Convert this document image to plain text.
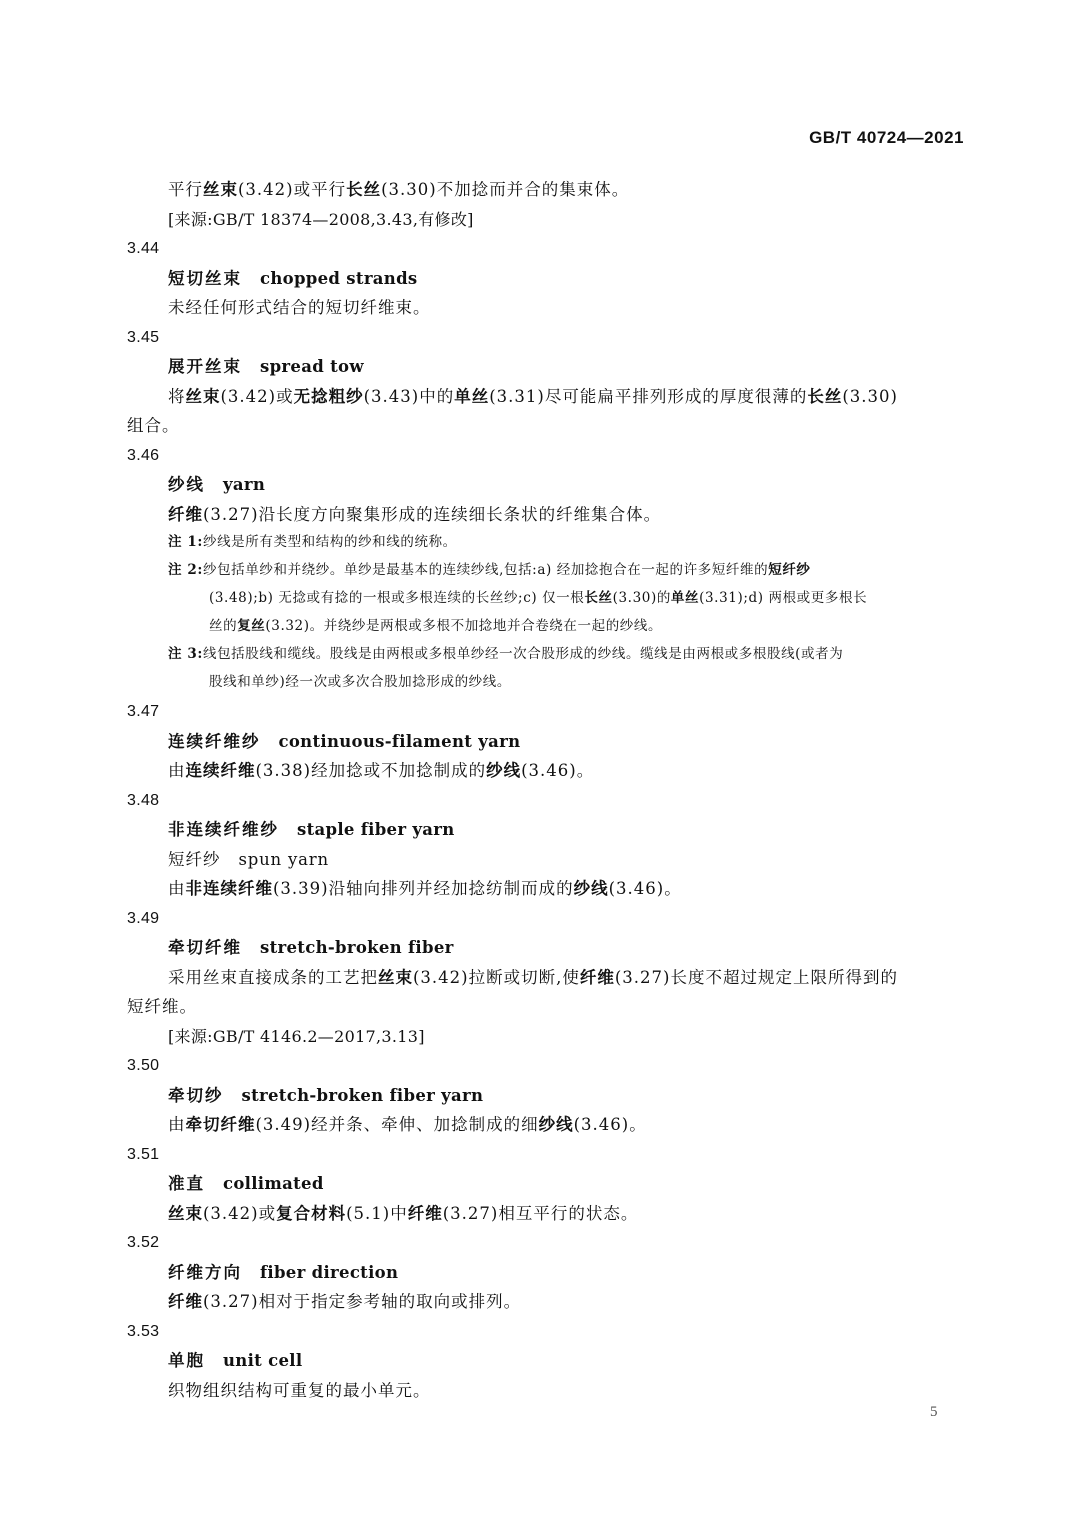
GB/T 40724—2021
平行丝束(3.42)或平行长丝(3.30)不加捻而并合的集束体。
[来源:GB/T 18374—2008,3.43,有修改]
3.44
短切丝束 chopped strands
未经任何形式结合的短切纤维束。
3.45
展开丝束 spread tow
将丝束(3.42)或无捻粗纱(3.43)中的单丝(3.31)尽可能扁平排列形成的厚度很薄的长丝(3.30)
组合。
3.46
纱线 yarn
纤维(3.27)沿长度方向聚集形成的连续细长条状的纤维集合体。
注 1:纱线是所有类型和结构的纱和线的统称。
注 2:纱包括单纱和并绕纱。单纱是最基本的连续纱线,包括:a) 经加捻抱合在一起的许多短纤维的短纤纱
(3.48);b) 无捻或有捻的一根或多根连续的长丝纱;c) 仅一根长丝(3.30)的单丝(3.31);d) 两根或更多根长
丝的复丝(3.32)。并绕纱是两根或多根不加捻地并合卷绕在一起的纱线。
注 3:线包括股线和缆线。股线是由两根或多根单纱经一次合股形成的纱线。缆线是由两根或多根股线(或者为
股线和单纱)经一次或多次合股加捻形成的纱线。
3.47
连续纤维纱 continuous-filament yarn
由连续纤维(3.38)经加捻或不加捻制成的纱线(3.46)。
3.48
非连续纤维纱 staple fiber yarn
短纤纱 spun yarn
由非连续纤维(3.39)沿轴向排列并经加捻纺制而成的纱线(3.46)。
3.49
牵切纤维 stretch-broken fiber
采用丝束直接成条的工艺把丝束(3.42)拉断或切断,使纤维(3.27)长度不超过规定上限所得到的
短纤维。
[来源:GB/T 4146.2—2017,3.13]
3.50
牵切纱 stretch-broken fiber yarn
由牵切纤维(3.49)经并条、牵伸、加捻制成的细纱线(3.46)。
3.51
准直 collimated
丝束(3.42)或复合材料(5.1)中纤维(3.27)相互平行的状态。
3.52
纤维方向 fiber direction
纤维(3.27)相对于指定参考轴的取向或排列。
3.53
单胞 unit cell
织物组织结构可重复的最小单元。
5
